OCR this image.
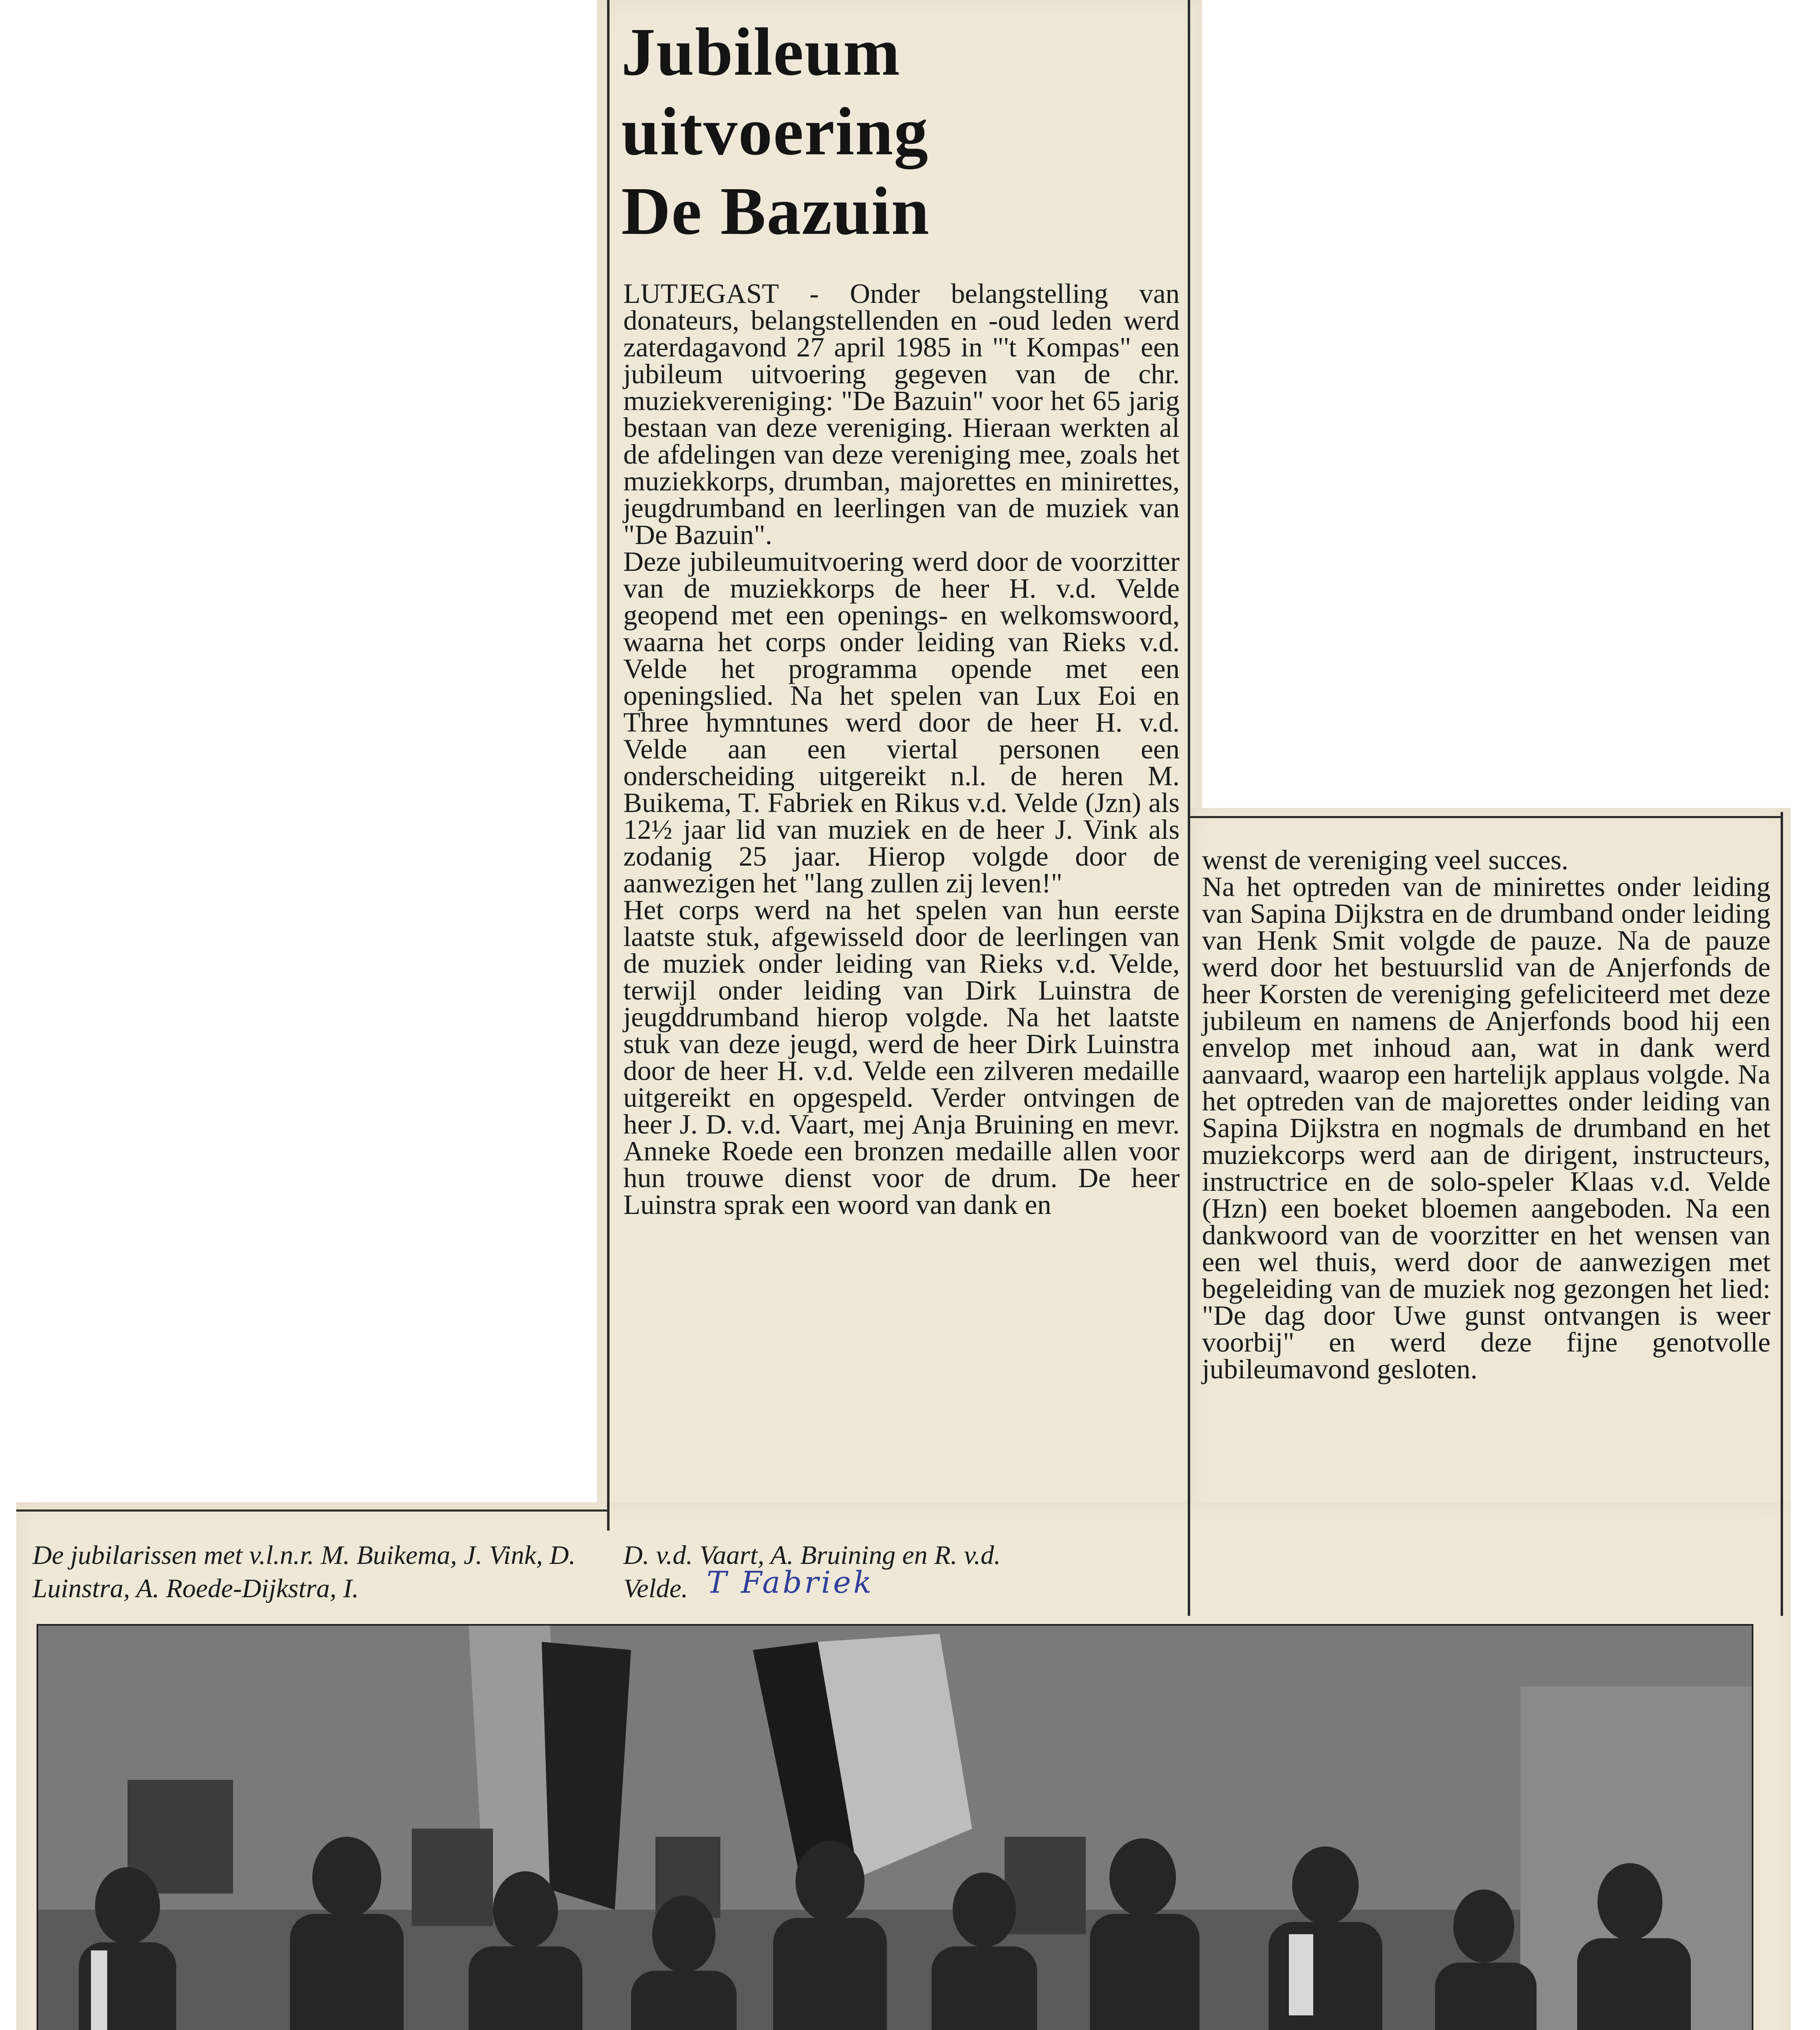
Jubileum
uitvoering
De Bazuin
LUTJEGAST - Onder belangstelling van donateurs, belangstellenden en -oud leden werd zaterdagavond 27 april 1985 in "'t Kompas" een jubileum uitvoering gegeven van de chr. muziekvereniging: "De Bazuin" voor het 65 jarig bestaan van deze vereniging. Hieraan werkten al de afdelingen van deze vereniging mee, zoals het muziekkorps, drumban, majorettes en minirettes, jeugdrumband en leerlingen van de muziek van "De Bazuin".
Deze jubileumuitvoering werd door de voorzitter van de muziekkorps de heer H. v.d. Velde geopend met een openings- en welkomswoord, waarna het corps onder leiding van Rieks v.d. Velde het programma opende met een openingslied. Na het spelen van Lux Eoi en Three hymntunes werd door de heer H. v.d. Velde aan een viertal personen een onderscheiding uitgereikt n.l. de heren M. Buikema, T. Fabriek en Rikus v.d. Velde (Jzn) als 12½ jaar lid van muziek en de heer J. Vink als zodanig 25 jaar. Hierop volgde door de aanwezigen het "lang zullen zij leven!"
Het corps werd na het spelen van hun eerste laatste stuk, afgewisseld door de leerlingen van de muziek onder leiding van Rieks v.d. Velde, terwijl onder leiding van Dirk Luinstra de jeugddrumband hierop volgde. Na het laatste stuk van deze jeugd, werd de heer Dirk Luinstra door de heer H. v.d. Velde een zilveren medaille uitgereikt en opgespeld. Verder ontvingen de heer J. D. v.d. Vaart, mej Anja Bruining en mevr. Anneke Roede een bronzen medaille allen voor hun trouwe dienst voor de drum. De heer Luinstra sprak een woord van dank en
wenst de vereniging veel succes.
Na het optreden van de minirettes onder leiding van Sapina Dijkstra en de drumband onder leiding van Henk Smit volgde de pauze. Na de pauze werd door het bestuurslid van de Anjerfonds de heer Korsten de vereniging gefeliciteerd met deze jubileum en namens de Anjerfonds bood hij een envelop met inhoud aan, wat in dank werd aanvaard, waarop een hartelijk applaus volgde. Na het optreden van de majorettes onder leiding van Sapina Dijkstra en nogmals de drumband en het muziekcorps werd aan de dirigent, instructeurs, instructrice en de solo-speler Klaas v.d. Velde (Hzn) een boeket bloemen aangeboden. Na een dankwoord van de voorzitter en het wensen van een wel thuis, werd door de aanwezigen met begeleiding van de muziek nog gezongen het lied: "De dag door Uwe gunst ontvangen is weer voorbij" en werd deze fijne genotvolle jubileumavond gesloten.
De jubilarissen met v.l.n.r. M. Buikema, J. Vink, D. Luinstra, A. Roede-Dijkstra, I.
D. v.d. Vaart, A. Bruining en R. v.d. Velde. T Fabriek
